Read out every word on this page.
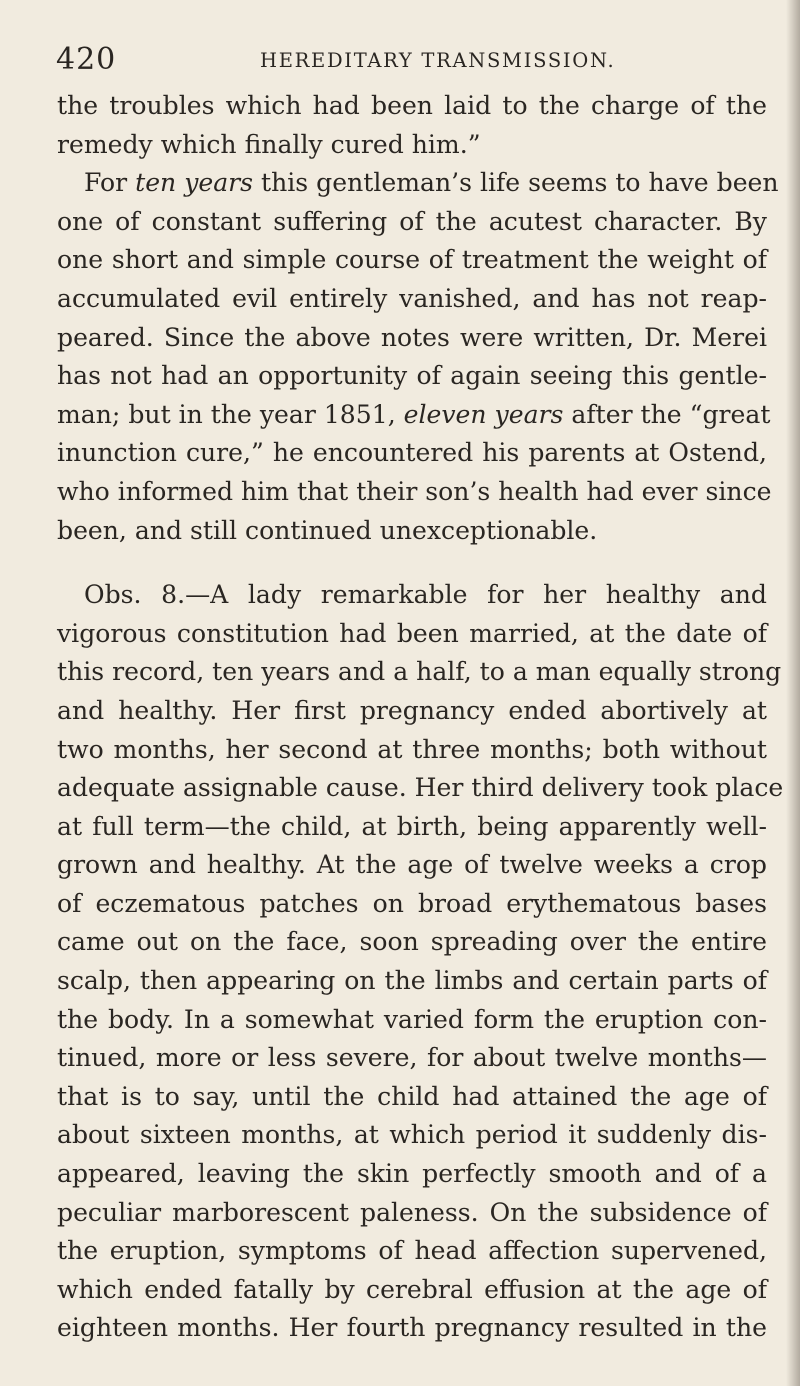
420	HEREDITARY TRANSMISSION.
the troubles which had been laid to the charge of the
remedy which finally cured him.”
For ten years this gentleman’s life seems to have been
one of constant suffering of the acutest character. By
one short and simple course of treatment the weight of
accumulated evil entirely vanished, and has not reap-
peared. Since the above notes were written, Dr. Merei
has not had an opportunity of again seeing this gentle-
man; but in the year 1851, eleven years after the “great
inunction cure,” he encountered his parents at Ostend,
who informed him that their son’s health had ever since
been, and still continued unexceptionable.
Obs. 8.—A lady remarkable for her healthy and
vigorous constitution had been married, at the date of
this record, ten years and a half, to a man equally strong
and healthy. Her first pregnancy ended abortively at
two months, her second at three months; both without
adequate assignable cause. Her third delivery took place
at full term—the child, at birth, being apparently well-
grown and healthy. At the age of twelve weeks a crop
of eczematous patches on broad erythematous bases
came out on the face, soon spreading over the entire
scalp, then appearing on the limbs and certain parts of
the body. In a somewhat varied form the eruption con-
tinued, more or less severe, for about twelve months—
that is to say, until the child had attained the age of
about sixteen months, at which period it suddenly dis-
appeared, leaving the skin perfectly smooth and of a
peculiar marborescent paleness. On the subsidence of
the eruption, symptoms of head affection supervened,
which ended fatally by cerebral effusion at the age of
eighteen months. Her fourth pregnancy resulted in the
